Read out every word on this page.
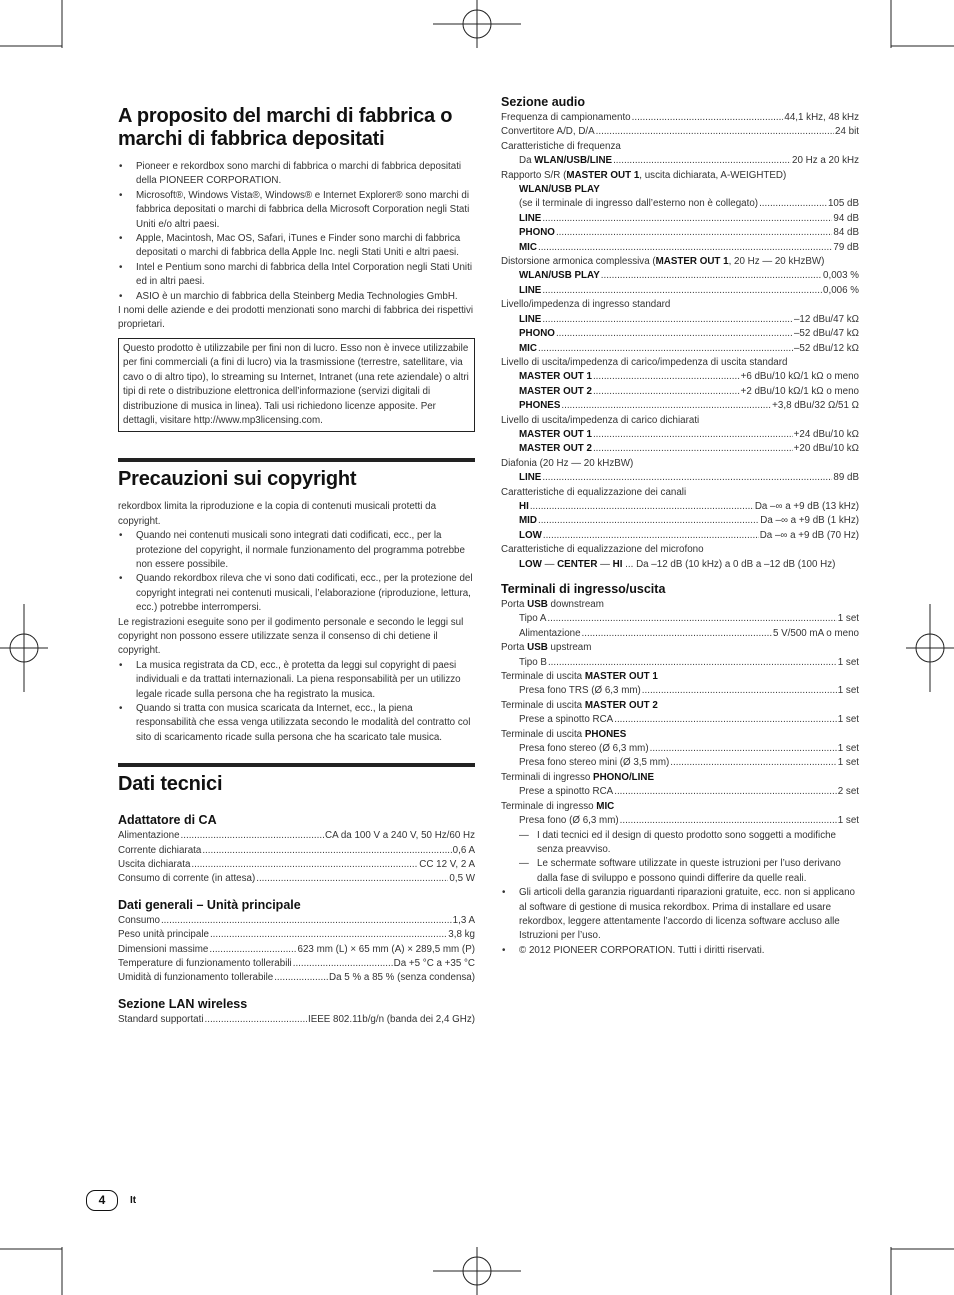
A proposito del marchi di fabbrica o marchi di fabbrica depositati
• Pioneer e rekordbox sono marchi di fabbrica o marchi di fabbrica depositati della PIONEER CORPORATION.
• Microsoft®, Windows Vista®, Windows® e Internet Explorer® sono marchi di fabbrica depositati o marchi di fabbrica della Microsoft Corporation negli Stati Uniti e/o altri paesi.
• Apple, Macintosh, Mac OS, Safari, iTunes e Finder sono marchi di fabbrica depositati o marchi di fabbrica della Apple Inc. negli Stati Uniti e altri paesi.
• Intel e Pentium sono marchi di fabbrica della Intel Corporation negli Stati Uniti ed in altri paesi.
• ASIO è un marchio di fabbrica della Steinberg Media Technologies GmbH.

I nomi delle aziende e dei prodotti menzionati sono marchi di fabbrica dei rispettivi proprietari.

Questo prodotto è utilizzabile per fini non di lucro. Esso non è invece utilizzabile per fini commerciali (a fini di lucro) via la trasmissione (terrestre, satellitare, via cavo o di altro tipo), lo streaming su Internet, Intranet (una rete aziendale) o altri tipi di rete o distribuzione elettronica dell’informazione (servizi digitali di distribuzione di musica in linea). Tali usi richiedono licenze apposite. Per dettagli, visitare http://www.mp3licensing.com.
Precauzioni sui copyright

rekordbox limita la riproduzione e la copia di contenuti musicali protetti da copyright.

• Quando nei contenuti musicali sono integrati dati codificati, ecc., per la protezione del copyright, il normale funzionamento del programma potrebbe non essere possibile.
• Quando rekordbox rileva che vi sono dati codificati, ecc., per la protezione del copyright integrati nei contenuti musicali, l’elaborazione (riproduzione, lettura, ecc.) potrebbe interrompersi.

Le registrazioni eseguite sono per il godimento personale e secondo le leggi sul copyright non possono essere utilizzate senza il consenso di chi detiene il copyright.

• La musica registrata da CD, ecc., è protetta da leggi sul copyright di paesi individuali e da trattati internazionali. La piena responsabilità per un utilizzo legale ricade sulla persona che ha registrato la musica.
• Quando si tratta con musica scaricata da Internet, ecc., la piena responsabilità che essa venga utilizzata secondo le modalità del contratto col sito di scaricamento ricade sulla persona che ha scaricato tale musica.
Dati tecnici
Adattatore di CA
Alimentazione .....	CA da 100 V a 240 V, 50 Hz/60 Hz
Corrente dichiarata .....	0,6 A
Uscita dichiarata .....	CC 12 V, 2 A
Consumo di corrente (in attesa) .....	0,5 W
Dati generali – Unità principale
Consumo .....	1,3 A
Peso unità principale .....	3,8 kg
Dimensioni massime .....	623 mm (L) × 65 mm (A) × 289,5 mm (P)
Temperature di funzionamento tollerabili .....	Da +5 °C a +35 °C
Umidità di funzionamento tollerabile .....	Da 5 % a 85 % (senza condensa)
Sezione LAN wireless
Standard supportati .....	IEEE 802.11b/g/n (banda dei 2,4 GHz)
Sezione audio
Frequenza di campionamento .....	44,1 kHz, 48 kHz
Convertitore A/D, D/A .....	24 bit
Caratteristiche di frequenza
Da WLAN/USB/LINE .....	20 Hz a 20 kHz
Rapporto S/R (MASTER OUT 1, uscita dichiarata, A-WEIGHTED)
WLAN/USB PLAY
(se il terminale di ingresso dall’esterno non è collegato) .....	105 dB
LINE .....	94 dB
PHONO .....	84 dB
MIC .....	79 dB
Distorsione armonica complessiva (MASTER OUT 1, 20 Hz — 20 kHzBW)
WLAN/USB PLAY .....	0,003 %
LINE .....	0,006 %
Livello/impedenza di ingresso standard
LINE .....	–12 dBu/47 kΩ
PHONO .....	–52 dBu/47 kΩ
MIC .....	–52 dBu/12 kΩ
Livello di uscita/impedenza di carico/impedenza di uscita standard
MASTER OUT 1 .....	+6 dBu/10 kΩ/1 kΩ o meno
MASTER OUT 2 .....	+2 dBu/10 kΩ/1 kΩ o meno
PHONES .....	+3,8 dBu/32 Ω/51 Ω
Livello di uscita/impedenza di carico dichiarati
MASTER OUT 1 .....	+24 dBu/10 kΩ
MASTER OUT 2 .....	+20 dBu/10 kΩ
Diafonia (20 Hz — 20 kHzBW)
LINE .....	89 dB
Caratteristiche di equalizzazione dei canali
HI .....	Da –∞ a +9 dB (13 kHz)
MID .....	Da –∞ a +9 dB (1 kHz)
LOW .....	Da –∞ a +9 dB (70 Hz)
Caratteristiche di equalizzazione del microfono
LOW — CENTER — HI ... Da –12 dB (10 kHz) a 0 dB a –12 dB (100 Hz)
Terminali di ingresso/uscita
Porta USB downstream
Tipo A .....	1 set
Alimentazione .....	5 V/500 mA o meno
Porta USB upstream
Tipo B .....	1 set
Terminale di uscita MASTER OUT 1
Presa fono TRS (Ø 6,3 mm) .....	1 set
Terminale di uscita MASTER OUT 2
Prese a spinotto RCA .....	1 set
Terminale di uscita PHONES
Presa fono stereo (Ø 6,3 mm) .....	1 set
Presa fono stereo mini (Ø 3,5 mm) .....	1 set
Terminali di ingresso PHONO/LINE
Prese a spinotto RCA .....	2 set
Terminale di ingresso MIC
Presa fono (Ø 6,3 mm) .....	1 set
— I dati tecnici ed il design di questo prodotto sono soggetti a modifiche senza preavviso.
— Le schermate software utilizzate in queste istruzioni per l’uso derivano dalla fase di sviluppo e possono quindi differire da quelle reali.
• Gli articoli della garanzia riguardanti riparazioni gratuite, ecc. non si applicano al software di gestione di musica rekordbox. Prima di installare ed usare rekordbox, leggere attentamente l’accordo di licenza software accluso alle Istruzioni per l’uso.
• © 2012 PIONEER CORPORATION. Tutti i diritti riservati.
4	It
